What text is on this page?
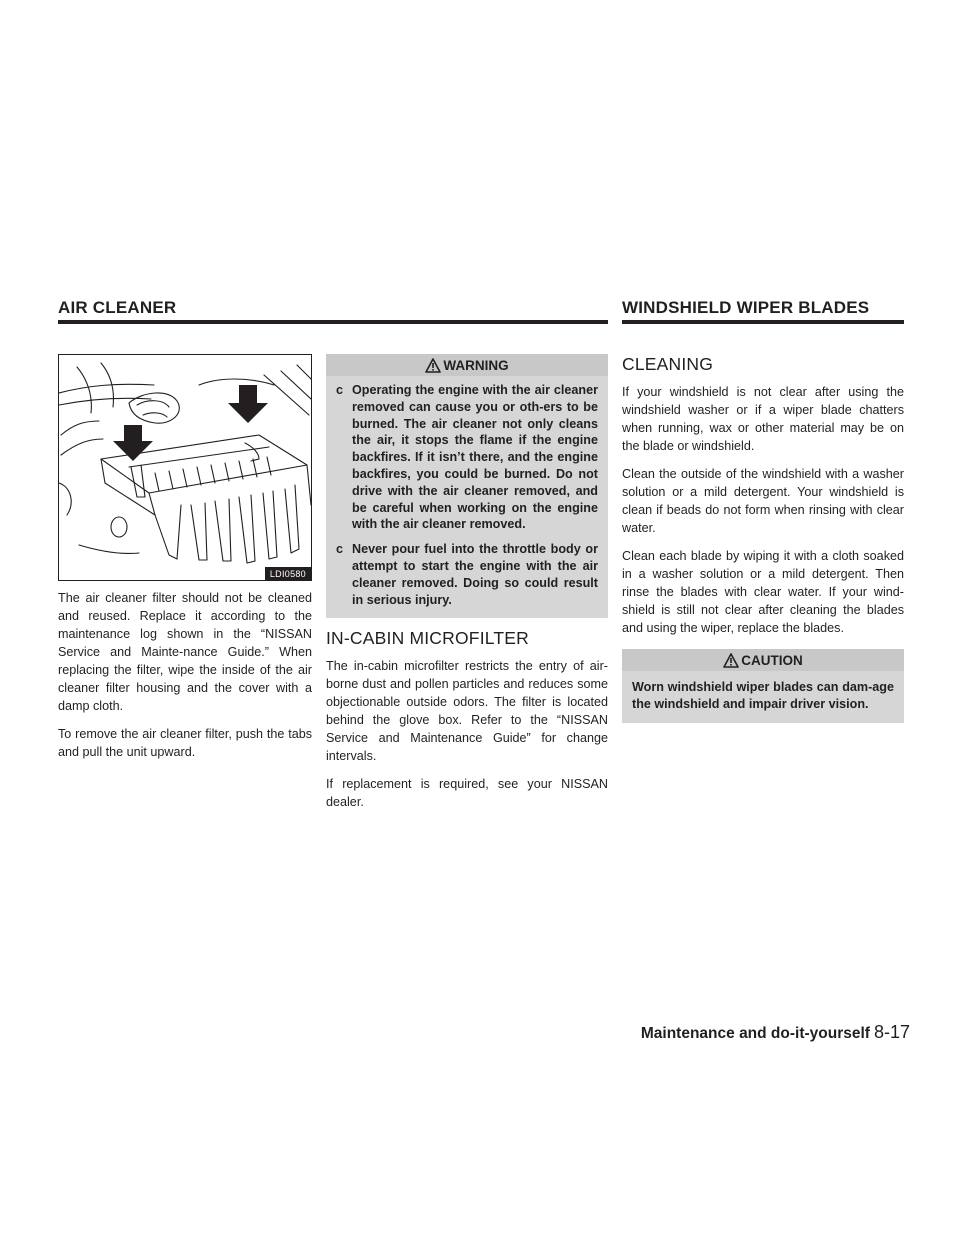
AIR CLEANER	WINDSHIELD WIPER BLADES
LDI0580

The air cleaner filter should not be cleaned and reused. Replace it according to the maintenance log shown in the “NISSAN Service and Mainte-nance Guide.” When replacing the filter, wipe the inside of the air cleaner filter housing and the cover with a damp cloth.

To remove the air cleaner filter, push the tabs and pull the unit upward.

WARNING
c Operating the engine with the air cleaner removed can cause you or oth-ers to be burned. The air cleaner not only cleans the air, it stops the flame if the engine backfires. If it isn’t there, and the engine backfires, you could be burned. Do not drive with the air cleaner removed, and be careful when working on the engine with the air cleaner removed.
c Never pour fuel into the throttle body or attempt to start the engine with the air cleaner removed. Doing so could result in serious injury.
IN-CABIN MICROFILTER

The in-cabin microfilter restricts the entry of air-borne dust and pollen particles and reduces some objectionable outside odors. The filter is located behind the glove box. Refer to the “NISSAN Service and Maintenance Guide” for change intervals.

If replacement is required, see your NISSAN dealer.

CLEANING

If your windshield is not clear after using the windshield washer or if a wiper blade chatters when running, wax or other material may be on the blade or windshield.

Clean the outside of the windshield with a washer solution or a mild detergent. Your windshield is clean if beads do not form when rinsing with clear water.

Clean each blade by wiping it with a cloth soaked in a washer solution or a mild detergent. Then rinse the blades with clear water. If your wind-shield is still not clear after cleaning the blades and using the wiper, replace the blades.

CAUTION
Worn windshield wiper blades can dam-age the windshield and impair driver vision.
Maintenance and do-it-yourself 8-17
